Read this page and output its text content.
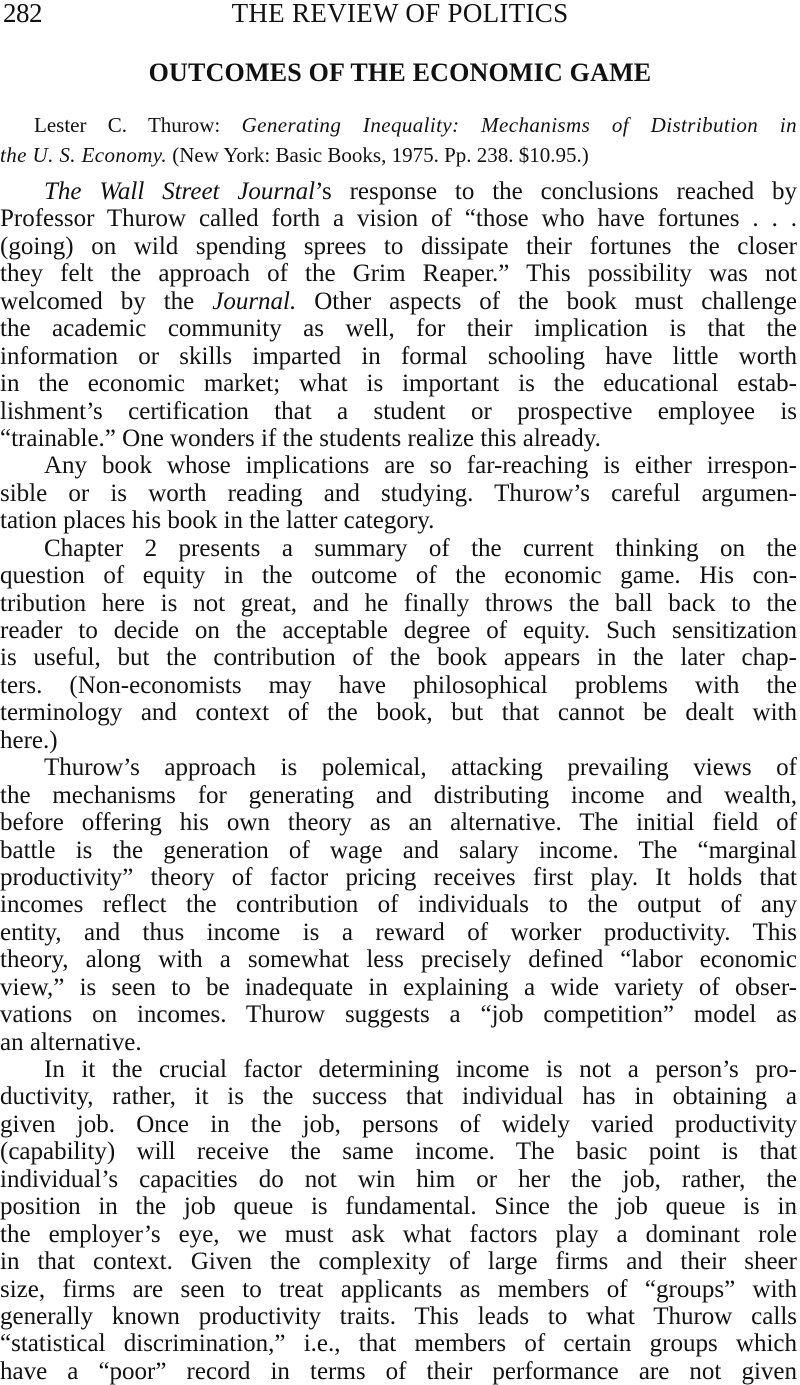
282	THE REVIEW OF POLITICS
OUTCOMES OF THE ECONOMIC GAME
Lester C. Thurow: Generating Inequality: Mechanisms of Distribution in
the U. S. Economy. (New York: Basic Books, 1975. Pp. 238. $10.95.)
The Wall Street Journal’s response to the conclusions reached by
Professor Thurow called forth a vision of “those who have fortunes . . .
(going) on wild spending sprees to dissipate their fortunes the closer
they felt the approach of the Grim Reaper.” This possibility was not
welcomed by the Journal. Other aspects of the book must challenge
the academic community as well, for their implication is that the
information or skills imparted in formal schooling have little worth
in the economic market; what is important is the educational estab-
lishment’s certification that a student or prospective employee is
“trainable.” One wonders if the students realize this already.
Any book whose implications are so far-reaching is either irrespon-
sible or is worth reading and studying. Thurow’s careful argumen-
tation places his book in the latter category.
Chapter 2 presents a summary of the current thinking on the
question of equity in the outcome of the economic game. His con-
tribution here is not great, and he finally throws the ball back to the
reader to decide on the acceptable degree of equity. Such sensitization
is useful, but the contribution of the book appears in the later chap-
ters. (Non-economists may have philosophical problems with the
terminology and context of the book, but that cannot be dealt with
here.)
Thurow’s approach is polemical, attacking prevailing views of
the mechanisms for generating and distributing income and wealth,
before offering his own theory as an alternative. The initial field of
battle is the generation of wage and salary income. The “marginal
productivity” theory of factor pricing receives first play. It holds that
incomes reflect the contribution of individuals to the output of any
entity, and thus income is a reward of worker productivity. This
theory, along with a somewhat less precisely defined “labor economic
view,” is seen to be inadequate in explaining a wide variety of obser-
vations on incomes. Thurow suggests a “job competition” model as
an alternative.
In it the crucial factor determining income is not a person’s pro-
ductivity, rather, it is the success that individual has in obtaining a
given job. Once in the job, persons of widely varied productivity
(capability) will receive the same income. The basic point is that
individual’s capacities do not win him or her the job, rather, the
position in the job queue is fundamental. Since the job queue is in
the employer’s eye, we must ask what factors play a dominant role
in that context. Given the complexity of large firms and their sheer
size, firms are seen to treat applicants as members of “groups” with
generally known productivity traits. This leads to what Thurow calls
“statistical discrimination,” i.e., that members of certain groups which
have a “poor” record in terms of their performance are not given
